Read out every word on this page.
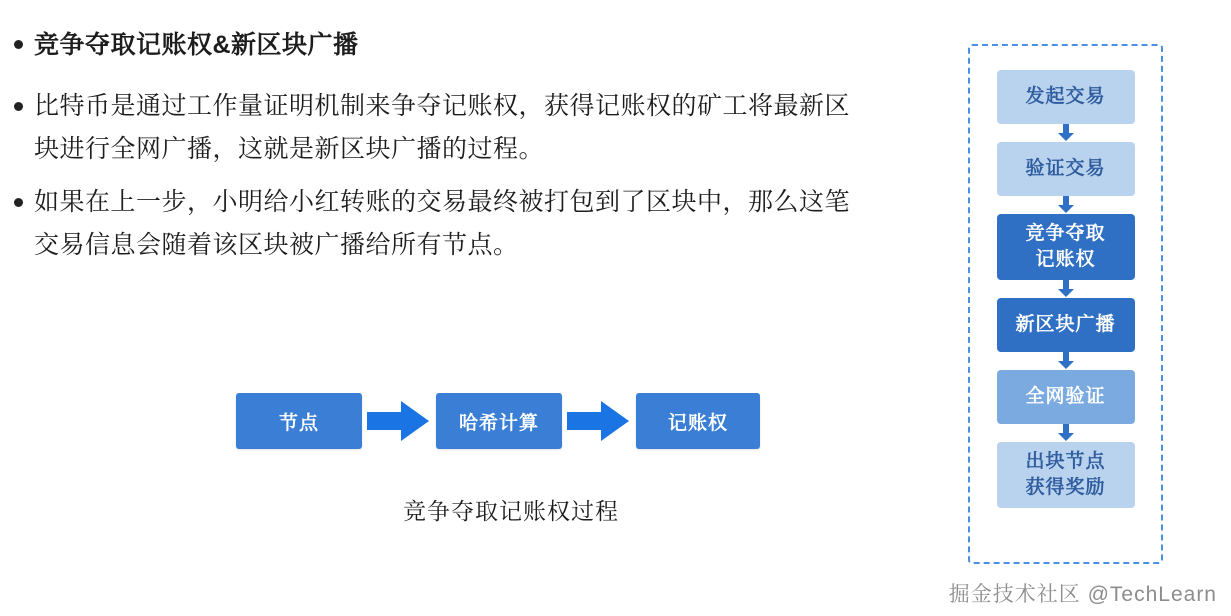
竞争夺取记账权&新区块广播
比特币是通过工作量证明机制来争夺记账权，获得记账权的矿工将最新区块进行全网广播，这就是新区块广播的过程。
如果在上一步，小明给小红转账的交易最终被打包到了区块中，那么这笔交易信息会随着该区块被广播给所有节点。
节点	哈希计算	记账权
竞争夺取记账权过程
发起交易
验证交易
竞争夺取
记账权
新区块广播
全网验证
出块节点
获得奖励
掘金技术社区 @TechLearn
